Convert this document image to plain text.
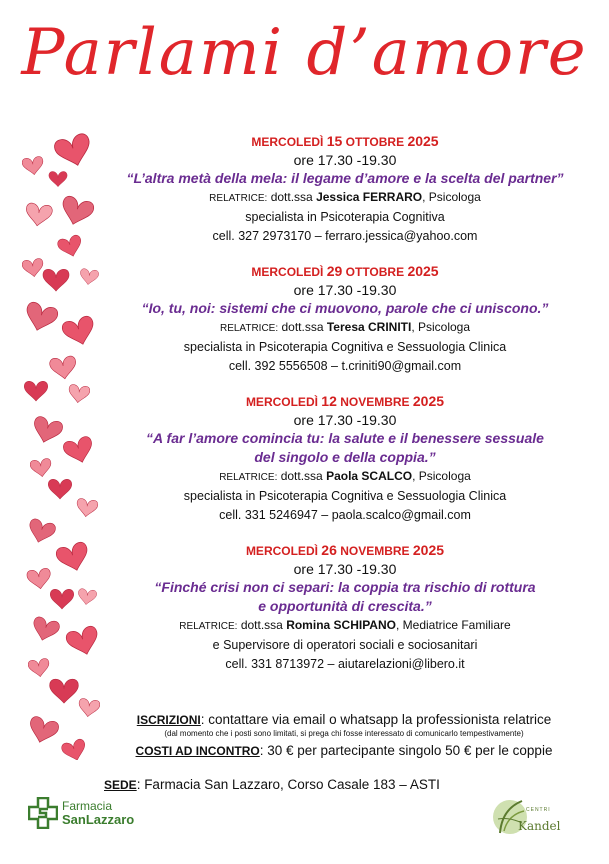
Parlami d’amore
MERCOLEDÌ 15 OTTOBRE 2025
ore 17.30 -19.30
“L’altra metà della mela: il legame d’amore e la scelta del partner”
RELATRICE: dott.ssa Jessica FERRARO, Psicologa
specialista in Psicoterapia Cognitiva
cell. 327 2973170 – ferraro.jessica@yahoo.com
MERCOLEDÌ 29 OTTOBRE 2025
ore 17.30 -19.30
“Io, tu, noi: sistemi che ci muovono, parole che ci uniscono.”
RELATRICE: dott.ssa Teresa CRINITI, Psicologa
specialista in Psicoterapia Cognitiva e Sessuologia Clinica
cell. 392 5556508 – t.criniti90@gmail.com
MERCOLEDÌ 12 NOVEMBRE 2025
ore 17.30 -19.30
“A far l’amore comincia tu: la salute e il benessere sessuale
del singolo e della coppia.”
RELATRICE: dott.ssa Paola SCALCO, Psicologa
specialista in Psicoterapia Cognitiva e Sessuologia Clinica
cell. 331 5246947 – paola.scalco@gmail.com
MERCOLEDÌ 26 NOVEMBRE 2025
ore 17.30 -19.30
“Finché crisi non ci separi: la coppia tra rischio di rottura
e opportunità di crescita.”
RELATRICE: dott.ssa Romina SCHIPANO, Mediatrice Familiare
e Supervisore di operatori sociali e sociosanitari
cell. 331 8713972 – aiutarelazioni@libero.it
ISCRIZIONI: contattare via email o whatsapp la professionista relatrice
(dal momento che i posti sono limitati, si prega chi fosse interessato di comunicarlo tempestivamente)
COSTI AD INCONTRO: 30 € per partecipante singolo 50 € per le coppie
SEDE: Farmacia San Lazzaro, Corso Casale 183 – ASTI
Farmacia
SanLazzaro
CENTRI
Kandel
